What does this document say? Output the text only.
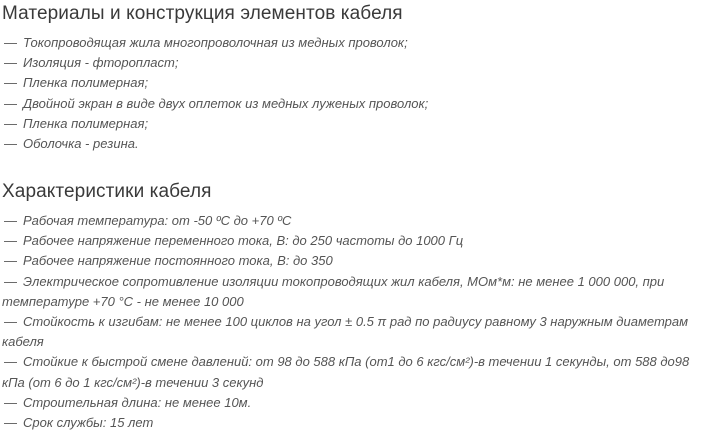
Материалы и конструкция элементов кабеля
— Токопроводящая жила многопроволочная из медных проволок;
— Изоляция - фторопласт;
— Пленка полимерная;
— Двойной экран в виде двух оплеток из медных луженых проволок;
— Пленка полимерная;
— Оболочка - резина.
Характеристики кабеля
— Рабочая температура: от -50 ºС до +70 ºС
— Рабочее напряжение переменного тока, В: до 250 частоты до 1000 Гц
— Рабочее напряжение постоянного тока, В: до 350
— Электрическое сопротивление изоляции токопроводящих жил кабеля, МОм*м: не менее 1 000 000, при температуре +70 °С - не менее 10 000
— Стойкость к изгибам: не менее 100 циклов на угол ± 0.5 π рад по радиусу равному 3 наружным диаметрам кабеля
— Стойкие к быстрой смене давлений: от 98 до 588 кПа (от1 до 6 кгс/см²)-в течении 1 секунды, от 588 до98 кПа (от 6 до 1 кгс/см²)-в течении 3 секунд
— Строительная длина: не менее 10м.
— Срок службы: 15 лет
